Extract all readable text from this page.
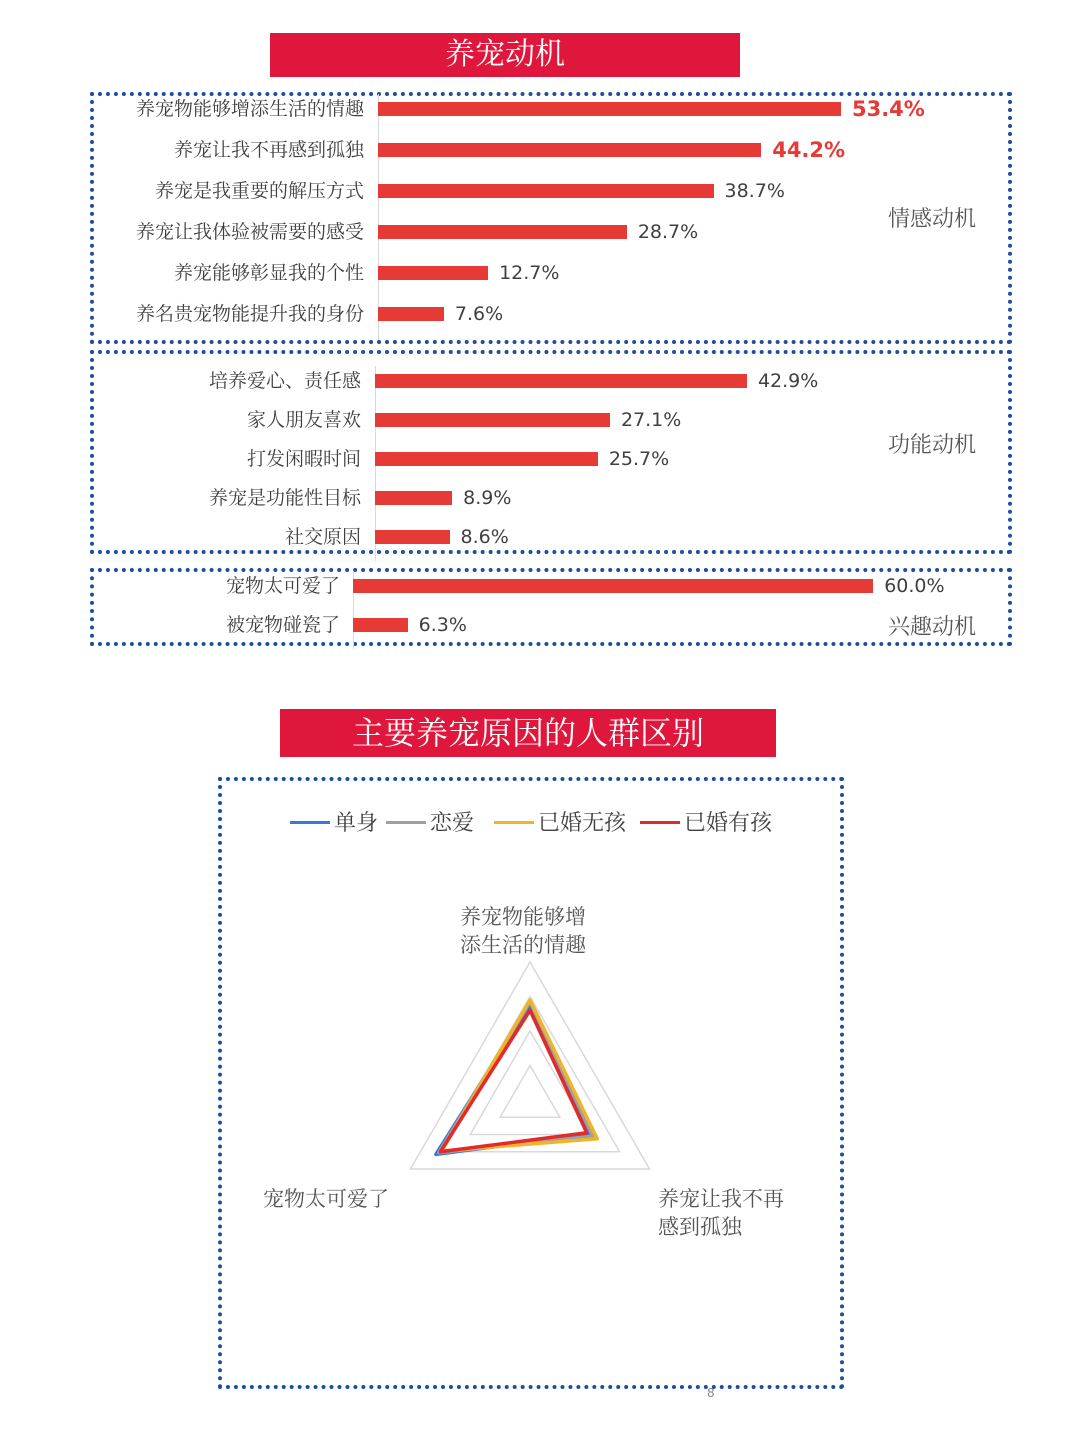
养宠动机
情感动机
功能动机
兴趣动机
养宠物能够增添生活的情趣	53.4%
养宠让我不再感到孤独	44.2%
养宠是我重要的解压方式	38.7%
养宠让我体验被需要的感受	28.7%
养宠能够彰显我的个性	12.7%
养名贵宠物能提升我的身份	7.6%
培养爱心、责任感	42.9%
家人朋友喜欢	27.1%
打发闲暇时间	25.7%
养宠是功能性目标	8.9%
社交原因	8.6%
宠物太可爱了	60.0%
被宠物碰瓷了	6.3%
主要养宠原因的人群区别
单身	恋爱	已婚无孩	已婚有孩
养宠物能够增
添生活的情趣
养宠让我不再
感到孤独
宠物太可爱了
8
